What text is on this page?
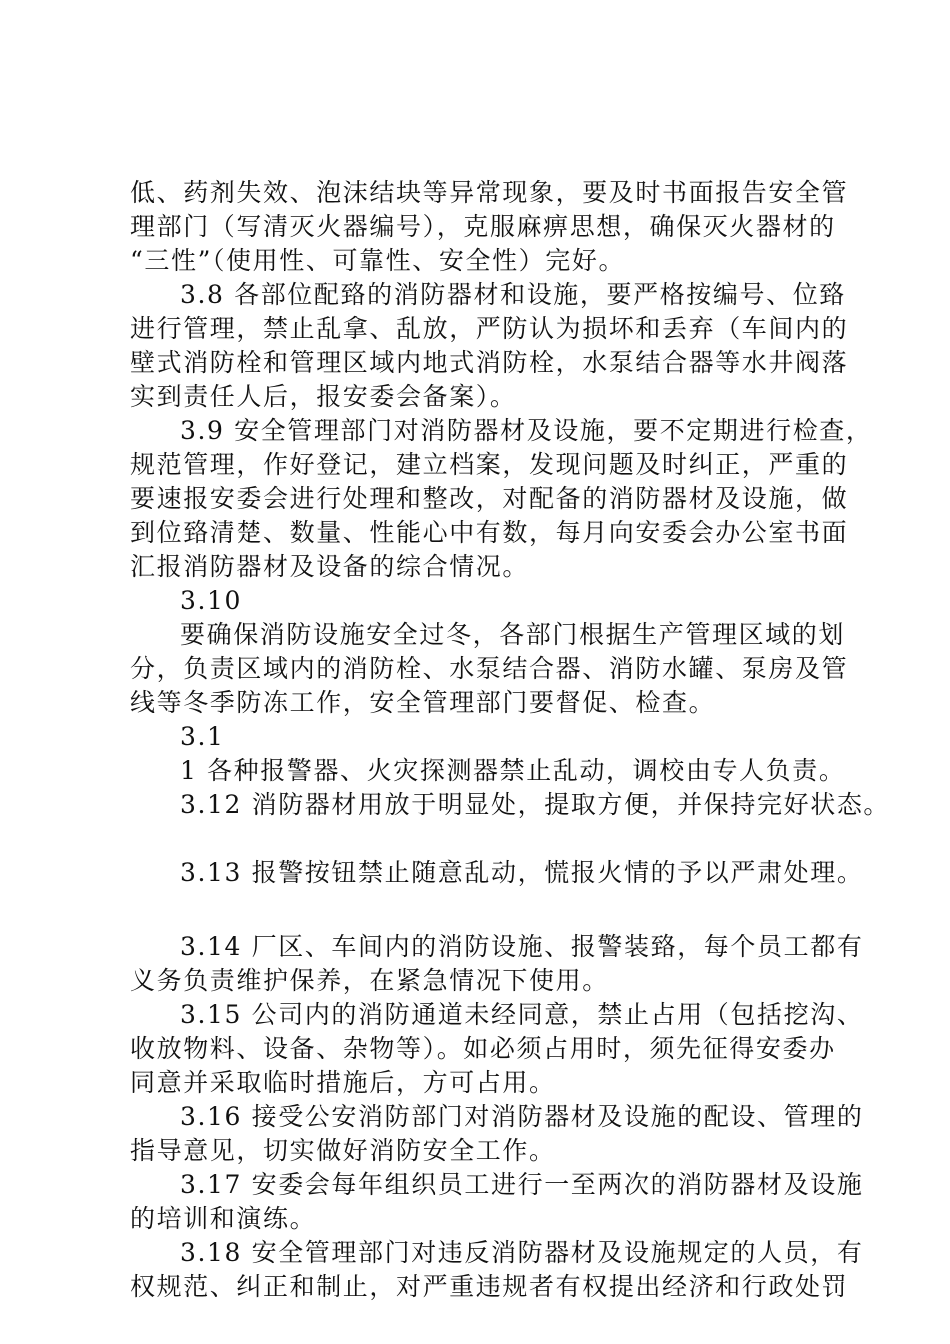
低、药剂失效、泡沫结块等异常现象，要及时书面报告安全管
理部门（写清灭火器编号），克服麻痹思想，确保灭火器材的
“三性”（使用性、可靠性、安全性）完好。
3.8 各部位配臵的消防器材和设施，要严格按编号、位臵
进行管理，禁止乱拿、乱放，严防认为损坏和丢弃（车间内的
壁式消防栓和管理区域内地式消防栓，水泵结合器等水井阀落
实到责任人后，报安委会备案）。
3.9 安全管理部门对消防器材及设施，要不定期进行检查，
规范管理，作好登记，建立档案，发现问题及时纠正，严重的
要速报安委会进行处理和整改，对配备的消防器材及设施，做
到位臵清楚、数量、性能心中有数，每月向安委会办公室书面
汇报消防器材及设备的综合情况。
3.10
要确保消防设施安全过冬，各部门根据生产管理区域的划
分，负责区域内的消防栓、水泵结合器、消防水罐、泵房及管
线等冬季防冻工作，安全管理部门要督促、检查。
3.1
1 各种报警器、火灾探测器禁止乱动，调校由专人负责。
3.12 消防器材用放于明显处，提取方便，并保持完好状态。
3.13 报警按钮禁止随意乱动，慌报火情的予以严肃处理。
3.14 厂区、车间内的消防设施、报警装臵，每个员工都有
义务负责维护保养，在紧急情况下使用。
3.15 公司内的消防通道未经同意，禁止占用（包括挖沟、
收放物料、设备、杂物等）。如必须占用时，须先征得安委办
同意并采取临时措施后，方可占用。
3.16 接受公安消防部门对消防器材及设施的配设、管理的
指导意见，切实做好消防安全工作。
3.17 安委会每年组织员工进行一至两次的消防器材及设施
的培训和演练。
3.18 安全管理部门对违反消防器材及设施规定的人员，有
权规范、纠正和制止，对严重违规者有权提出经济和行政处罚
